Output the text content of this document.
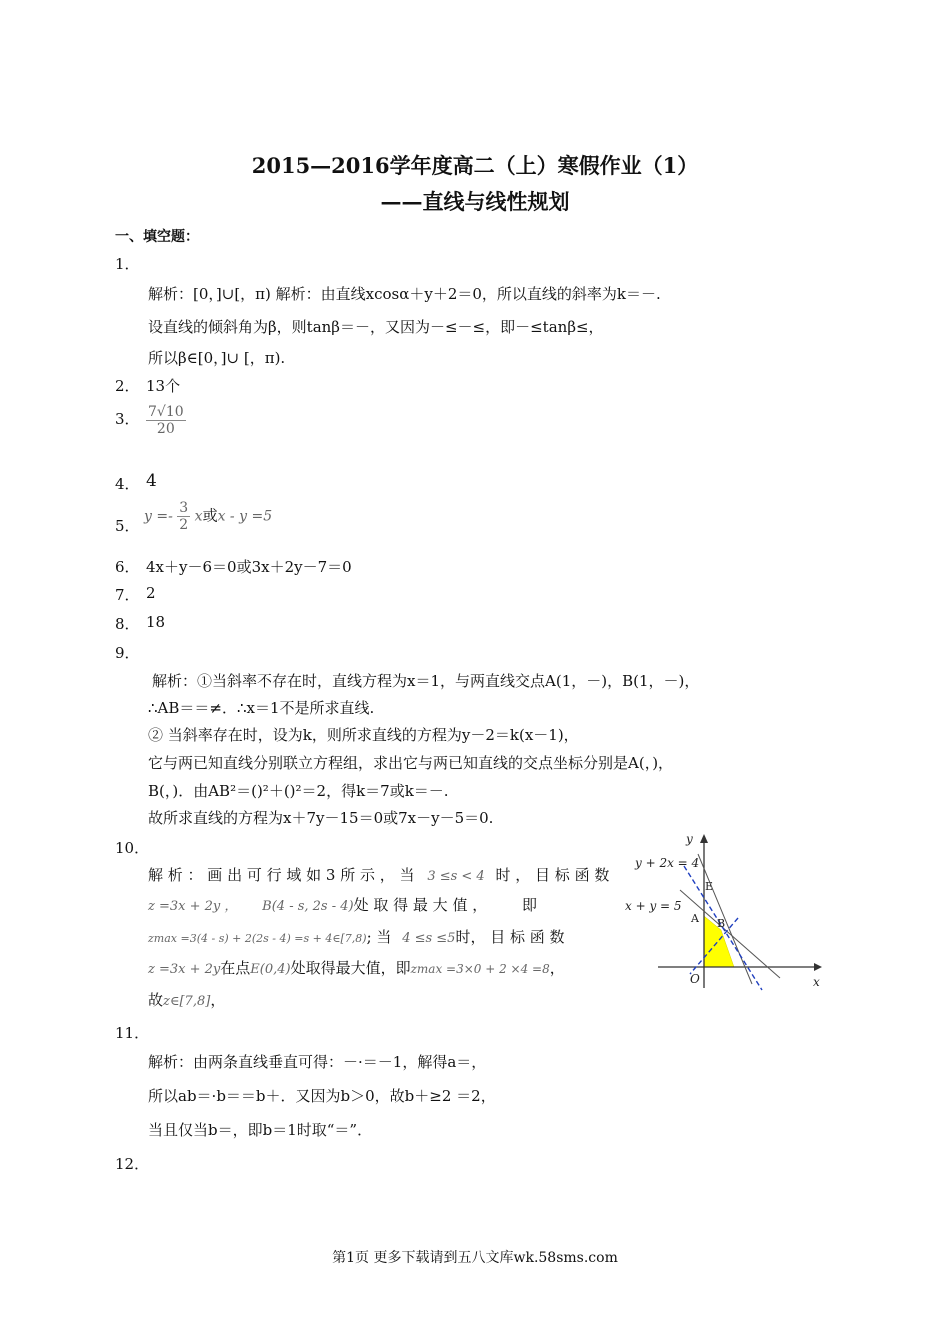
2015—2016学年度高二（上）寒假作业（1）
——直线与线性规划
一、填空题：
1．
解析：[0，]∪[，π) 解析：由直线xcosα＋y＋2＝0，所以直线的斜率为k＝－.
设直线的倾斜角为β，则tanβ＝－，又因为－≤－≤，即－≤tanβ≤，
所以β∈[0，]∪ [，π).
2． 13个
3． $\frac{7√10}{20}$
4． 4
5．
$y =- \frac{3}{2}$ x或x - y =5
6． 4x＋y－6＝0或3x＋2y－7＝0
7． 2
8． 18
9．
解析：①当斜率不存在时，直线方程为x＝1，与两直线交点A(1，－)，B(1，－)，
∴AB＝＝≠．∴x＝1不是所求直线.
② 当斜率存在时，设为k，则所求直线的方程为y－2＝k(x－1)，
它与两已知直线分别联立方程组，求出它与两已知直线的交点坐标分别是A(，)，
B(，)．由AB²＝()²＋()²＝2，得k＝7或k＝－.
故所求直线的方程为x＋7y－15＝0或7x－y－5＝0.
10．
解 析 ： 画 出 可 行 域 如 3 所 示 ， 当 3 ≤s < 4 时 ， 目 标 函 数
z =3x + 2y ， B(4 - s, 2s - 4)处 取 得 最 大 值 ， 即
zmax =3(4 - s) + 2(2s - 4) =s + 4∈[7,8); 当 4 ≤s ≤5时， 目 标 函 数
z =3x + 2y在点E(0,4)处取得最大值，即zmax =3×0 + 2 ×4 =8，
故z∈[7,8]，
y
x
O
A B
E
y + 2x = 4
x + y = 5
11．
解析：由两条直线垂直可得：－·＝－1，解得a＝，
所以ab＝·b＝＝b＋．又因为b＞0，故b＋≥2 ＝2，
当且仅当b＝，即b＝1时取“＝”．
12．
第1页 更多下载请到五八文库wk.58sms.com
